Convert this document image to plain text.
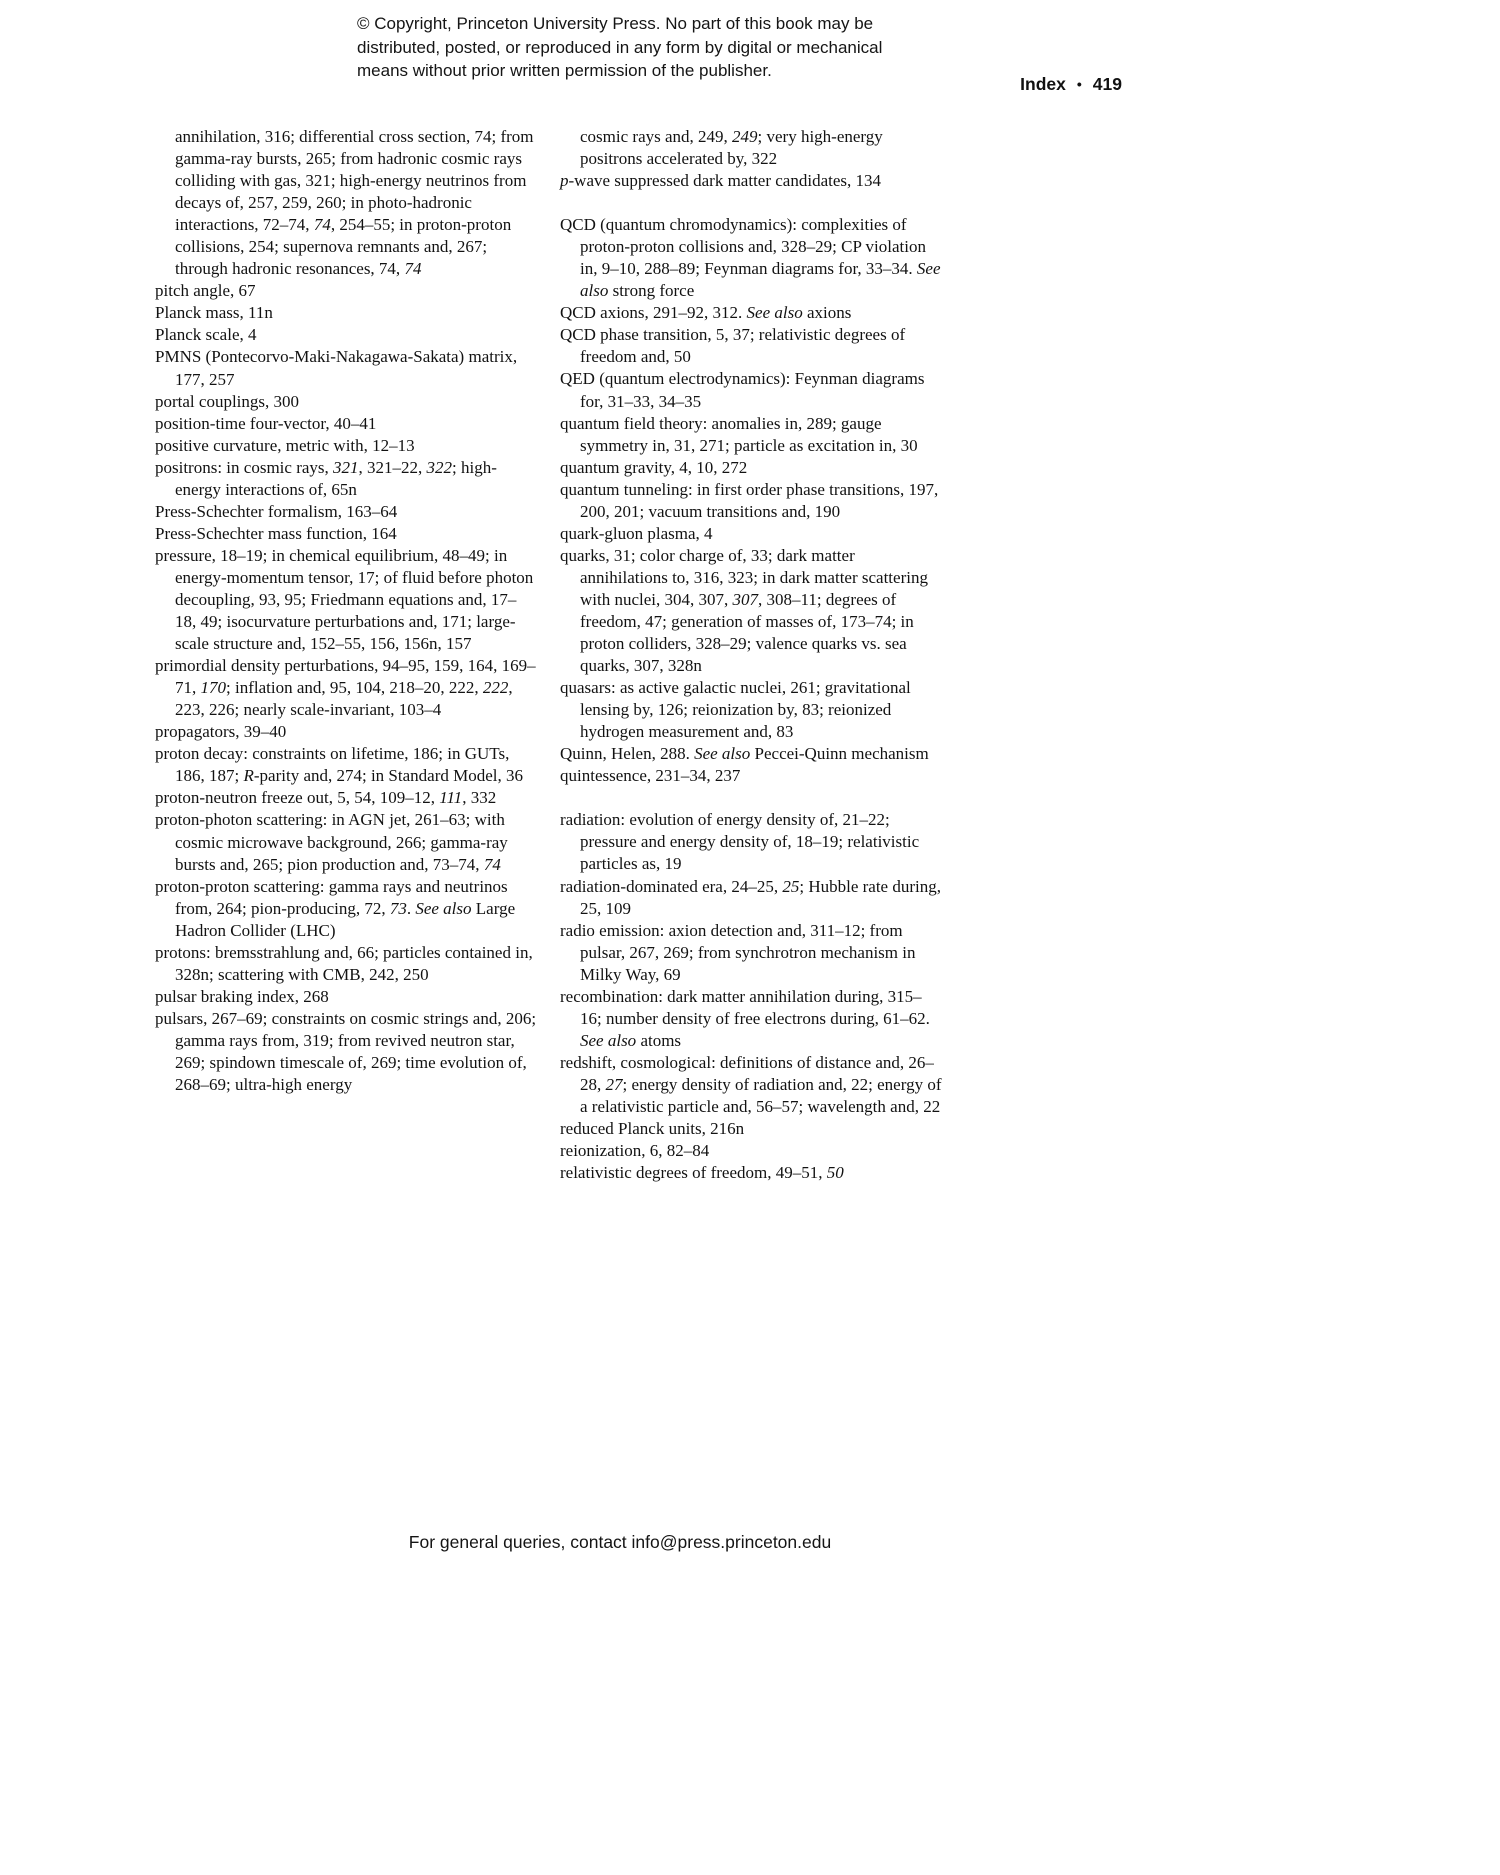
© Copyright, Princeton University Press. No part of this book may be
distributed, posted, or reproduced in any form by digital or mechanical
means without prior written permission of the publisher.
Index • 419
annihilation, 316; differential cross section, 74; from gamma-ray bursts, 265; from hadronic cosmic rays colliding with gas, 321; high-energy neutrinos from decays of, 257, 259, 260; in photo-hadronic interactions, 72–74, 74, 254–55; in proton-proton collisions, 254; supernova remnants and, 267; through hadronic resonances, 74, 74
pitch angle, 67
Planck mass, 11n
Planck scale, 4
PMNS (Pontecorvo-Maki-Nakagawa-Sakata) matrix, 177, 257
portal couplings, 300
position-time four-vector, 40–41
positive curvature, metric with, 12–13
positrons: in cosmic rays, 321, 321–22, 322; high-energy interactions of, 65n
Press-Schechter formalism, 163–64
Press-Schechter mass function, 164
pressure, 18–19; in chemical equilibrium, 48–49; in energy-momentum tensor, 17; of fluid before photon decoupling, 93, 95; Friedmann equations and, 17–18, 49; isocurvature perturbations and, 171; large-scale structure and, 152–55, 156, 156n, 157
primordial density perturbations, 94–95, 159, 164, 169–71, 170; inflation and, 95, 104, 218–20, 222, 222, 223, 226; nearly scale-invariant, 103–4
propagators, 39–40
proton decay: constraints on lifetime, 186; in GUTs, 186, 187; R-parity and, 274; in Standard Model, 36
proton-neutron freeze out, 5, 54, 109–12, 111, 332
proton-photon scattering: in AGN jet, 261–63; with cosmic microwave background, 266; gamma-ray bursts and, 265; pion production and, 73–74, 74
proton-proton scattering: gamma rays and neutrinos from, 264; pion-producing, 72, 73. See also Large Hadron Collider (LHC)
protons: bremsstrahlung and, 66; particles contained in, 328n; scattering with CMB, 242, 250
pulsar braking index, 268
pulsars, 267–69; constraints on cosmic strings and, 206; gamma rays from, 319; from revived neutron star, 269; spindown timescale of, 269; time evolution of, 268–69; ultra-high energy
cosmic rays and, 249, 249; very high-energy positrons accelerated by, 322
p-wave suppressed dark matter candidates, 134
QCD (quantum chromodynamics): complexities of proton-proton collisions and, 328–29; CP violation in, 9–10, 288–89; Feynman diagrams for, 33–34. See also strong force
QCD axions, 291–92, 312. See also axions
QCD phase transition, 5, 37; relativistic degrees of freedom and, 50
QED (quantum electrodynamics): Feynman diagrams for, 31–33, 34–35
quantum field theory: anomalies in, 289; gauge symmetry in, 31, 271; particle as excitation in, 30
quantum gravity, 4, 10, 272
quantum tunneling: in first order phase transitions, 197, 200, 201; vacuum transitions and, 190
quark-gluon plasma, 4
quarks, 31; color charge of, 33; dark matter annihilations to, 316, 323; in dark matter scattering with nuclei, 304, 307, 307, 308–11; degrees of freedom, 47; generation of masses of, 173–74; in proton colliders, 328–29; valence quarks vs. sea quarks, 307, 328n
quasars: as active galactic nuclei, 261; gravitational lensing by, 126; reionization by, 83; reionized hydrogen measurement and, 83
Quinn, Helen, 288. See also Peccei-Quinn mechanism
quintessence, 231–34, 237
radiation: evolution of energy density of, 21–22; pressure and energy density of, 18–19; relativistic particles as, 19
radiation-dominated era, 24–25, 25; Hubble rate during, 25, 109
radio emission: axion detection and, 311–12; from pulsar, 267, 269; from synchrotron mechanism in Milky Way, 69
recombination: dark matter annihilation during, 315–16; number density of free electrons during, 61–62. See also atoms
redshift, cosmological: definitions of distance and, 26–28, 27; energy density of radiation and, 22; energy of a relativistic particle and, 56–57; wavelength and, 22
reduced Planck units, 216n
reionization, 6, 82–84
relativistic degrees of freedom, 49–51, 50
For general queries, contact info@press.princeton.edu
